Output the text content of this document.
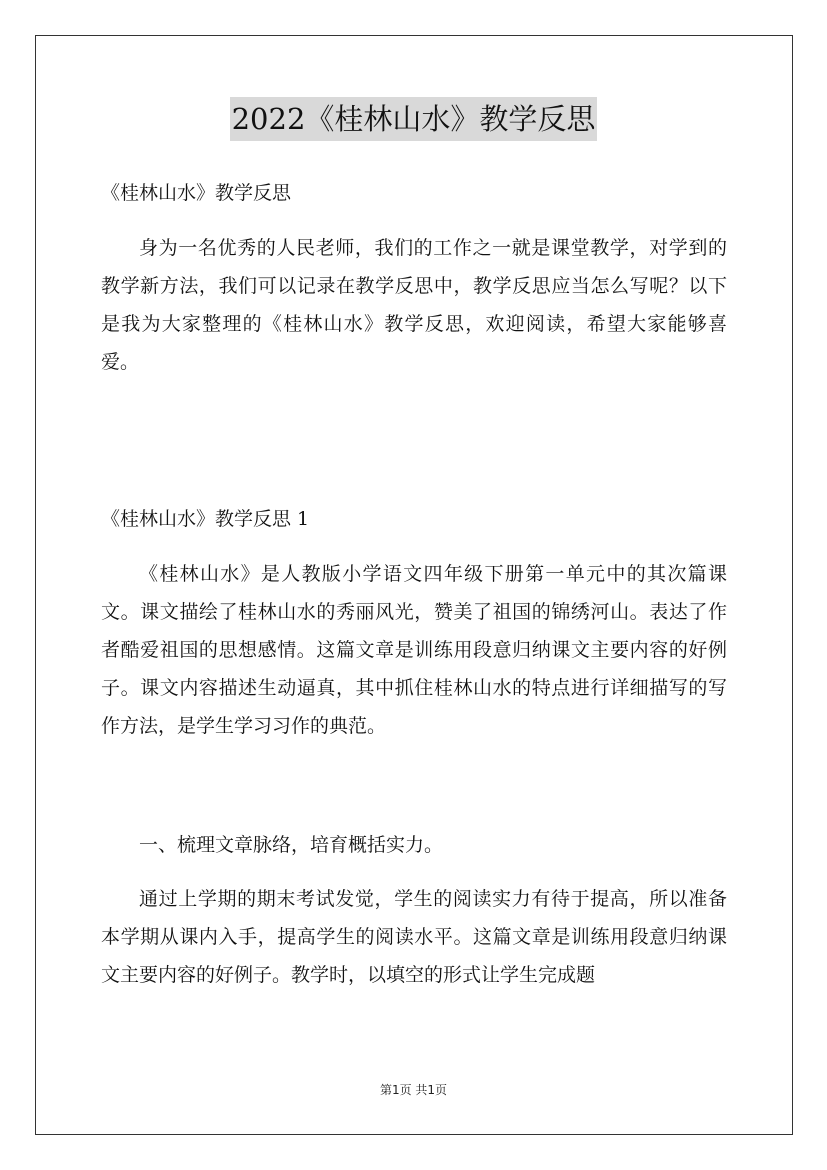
2022《桂林山水》教学反思

《桂林山水》教学反思

身为一名优秀的人民老师，我们的工作之一就是课堂教学，对学到的教学新方法，我们可以记录在教学反思中，教学反思应当怎么写呢？以下是我为大家整理的《桂林山水》教学反思，欢迎阅读，希望大家能够喜爱。

《桂林山水》教学反思 1

《桂林山水》是人教版小学语文四年级下册第一单元中的其次篇课文。课文描绘了桂林山水的秀丽风光，赞美了祖国的锦绣河山。表达了作者酷爱祖国的思想感情。这篇文章是训练用段意归纳课文主要内容的好例子。课文内容描述生动逼真，其中抓住桂林山水的特点进行详细描写的写作方法，是学生学习习作的典范。

一、梳理文章脉络，培育概括实力。

通过上学期的期末考试发觉，学生的阅读实力有待于提高，所以准备本学期从课内入手，提高学生的阅读水平。这篇文章是训练用段意归纳课文主要内容的好例子。教学时，以填空的形式让学生完成题

第1页 共1页
